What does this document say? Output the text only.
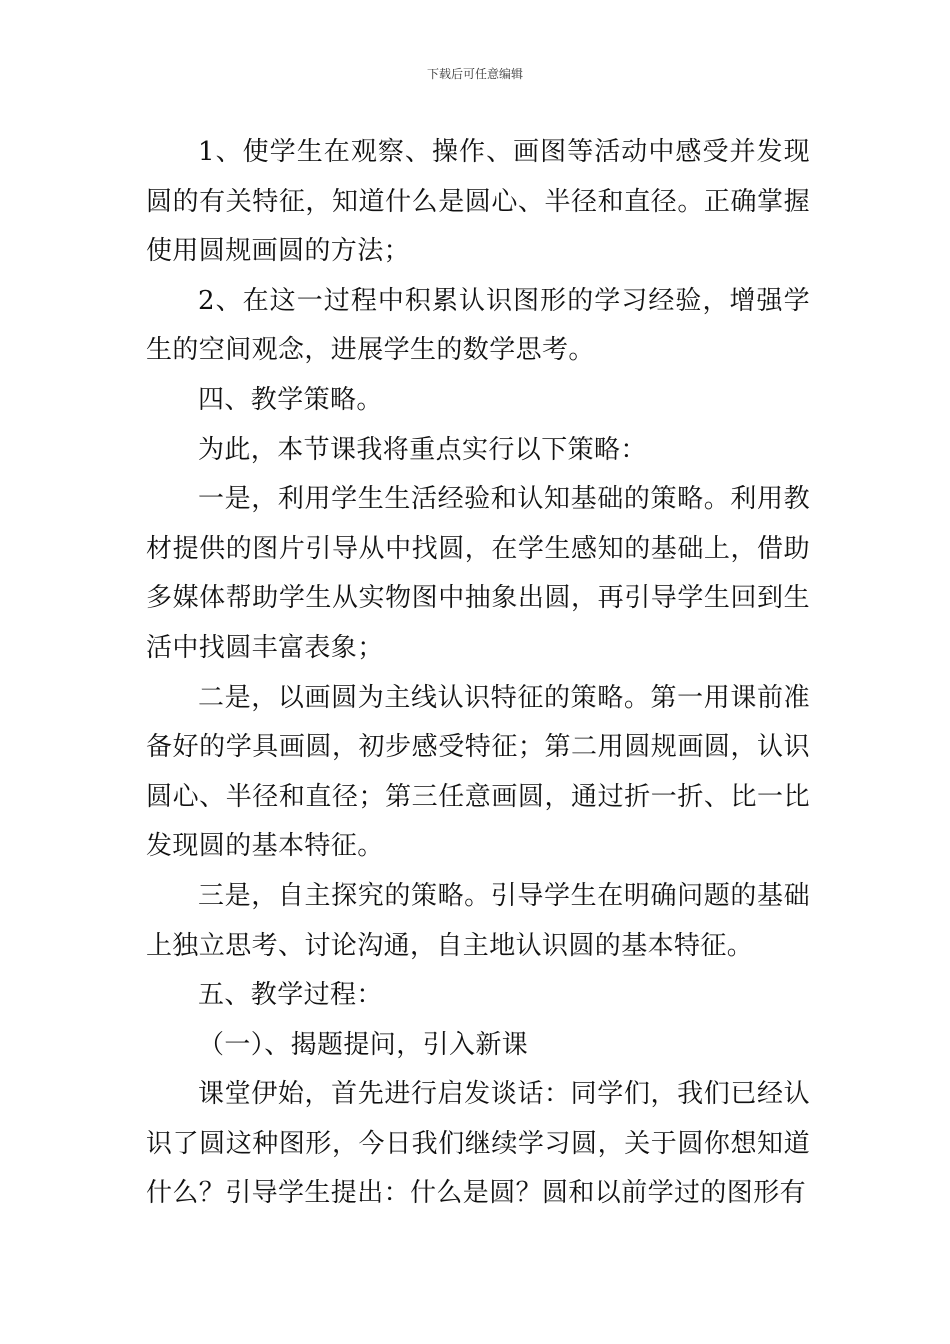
下载后可任意编辑

1、使学生在观察、操作、画图等活动中感受并发现圆的有关特征，知道什么是圆心、半径和直径。正确掌握使用圆规画圆的方法；

2、在这一过程中积累认识图形的学习经验，增强学生的空间观念，进展学生的数学思考。

四、教学策略。

为此，本节课我将重点实行以下策略：

一是，利用学生生活经验和认知基础的策略。利用教材提供的图片引导从中找圆，在学生感知的基础上，借助多媒体帮助学生从实物图中抽象出圆，再引导学生回到生活中找圆丰富表象；

二是，以画圆为主线认识特征的策略。第一用课前准备好的学具画圆，初步感受特征；第二用圆规画圆，认识圆心、半径和直径；第三任意画圆，通过折一折、比一比发现圆的基本特征。

三是，自主探究的策略。引导学生在明确问题的基础上独立思考、讨论沟通，自主地认识圆的基本特征。

五、教学过程：

（一）、揭题提问，引入新课

课堂伊始，首先进行启发谈话：同学们，我们已经认识了圆这种图形，今日我们继续学习圆，关于圆你想知道什么？引导学生提出：什么是圆？圆和以前学过的图形有
